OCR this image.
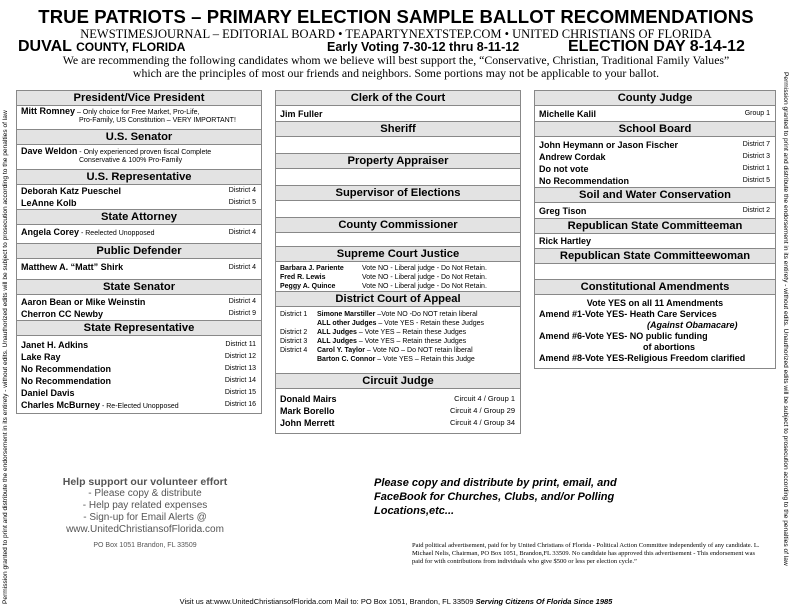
TRUE PATRIOTS – PRIMARY ELECTION SAMPLE BALLOT RECOMMENDATIONS
NEWSTIMESJOURNAL – EDITORIAL BOARD • TEAPARTYNEXTSTEP.COM • UNITED CHRISTIANS OF FLORIDA
DUVAL COUNTY, FLORIDA	Early Voting 7-30-12 thru 8-11-12	ELECTION DAY 8-14-12
We are recommending the following candidates whom we believe will best support the, “Conservative, Christian, Traditional Family Values”
which are the principles of most our friends and neighbors. Some portions may not be applicable to your ballot.
Permission granted to print and distribute the endorsement in its entirety - without edits. Unauthorized edits will be subject to prosecution according to the penalties of law	Permission granted to print and distribute the endorsement in its entirety - without edits. Unauthorized edits will be subject to prosecution according to the penalties of law
President/Vice President
Mitt Romney – Only choice for Free Market, Pro-Life,
Pro-Family, US Constitution – VERY IMPORTANT!
U.S. Senator
Dave Weldon - Only experienced proven fiscal Complete
Conservative & 100% Pro-Family
U.S. Representative
Deborah Katz Pueschel	District 4
LeAnne Kolb	District 5
State Attorney
Angela Corey - Reelected Unopposed	District 4
Public Defender
Matthew A. “Matt” Shirk	District 4
State Senator
Aaron Bean or Mike Weinstin	District 4
Cherron CC Newby	District 9
State Representative
Janet H. Adkins	District 11
Lake Ray	District 12
No Recommendation	District 13
No Recommendation	District 14
Daniel Davis	District 15
Charles McBurney - Re-Elected Unopposed	District 16
Clerk of the Court
Jim Fuller
Sheriff
Property Appraiser
Supervisor of Elections
County Commissioner
Supreme Court Justice
Barbara J. Pariente	Vote NO - Liberal judge - Do Not Retain.
Fred R. Lewis	Vote NO - Liberal judge - Do Not Retain.
Peggy A. Quince	Vote NO - Liberal judge - Do Not Retain.
District Court of Appeal
District 1 Simone Marstiller –Vote NO -Do NOT retain liberal
ALL other Judges – Vote YES - Retain these Judges
District 2 ALL Judges – Vote YES – Retain these Judges
District 3 ALL Judges – Vote YES – Retain these Judges
District 4 Carol Y. Taylor – Vote NO – Do NOT retain liberal
Barton C. Connor – Vote YES – Retain this Judge
Circuit Judge
Donald Mairs	Circuit 4 / Group 1
Mark Borello	Circuit 4 / Group 29
John Merrett	Circuit 4 / Group 34
County Judge
Michelle Kalil	Group 1
School Board
John Heymann or Jason Fischer	District 7
Andrew Cordak	District 3
Do not vote	District 1
No Recommendation	District 5
Soil and Water Conservation
Greg Tison	District 2
Republican State Committeeman
Rick Hartley
Republican State Committeewoman
Constitutional Amendments
Vote YES on all 11 Amendments
Amend #1-Vote YES- Heath Care Services
(Against Obamacare)
Amend #6-Vote YES- NO public funding
of abortions
Amend #8-Vote YES-Religious Freedom clarified
Help support our volunteer effort
- Please copy & distribute
- Help pay related expenses
- Sign-up for Email Alerts @
www.UnitedChristiansofFlorida.com
PO Box 1051 Brandon, FL 33509
Please copy and distribute by print, email, and FaceBook for Churches, Clubs, and/or Polling Locations,etc...
Paid political advertisement, paid for by United Christians of Florida - Political Action Committee independently of any candidate. L. Michael Nelis, Chairman, PO Box 1051, Brandon,FL 33509. No candidate has approved this advertisement - This endorsement was paid for with contributions from individuals who give $500 or less per election cycle.”
Visit us at:www.UnitedChristiansofFlorida.com Mail to: PO Box 1051, Brandon, FL 33509 Serving Citizens Of Florida Since 1985
